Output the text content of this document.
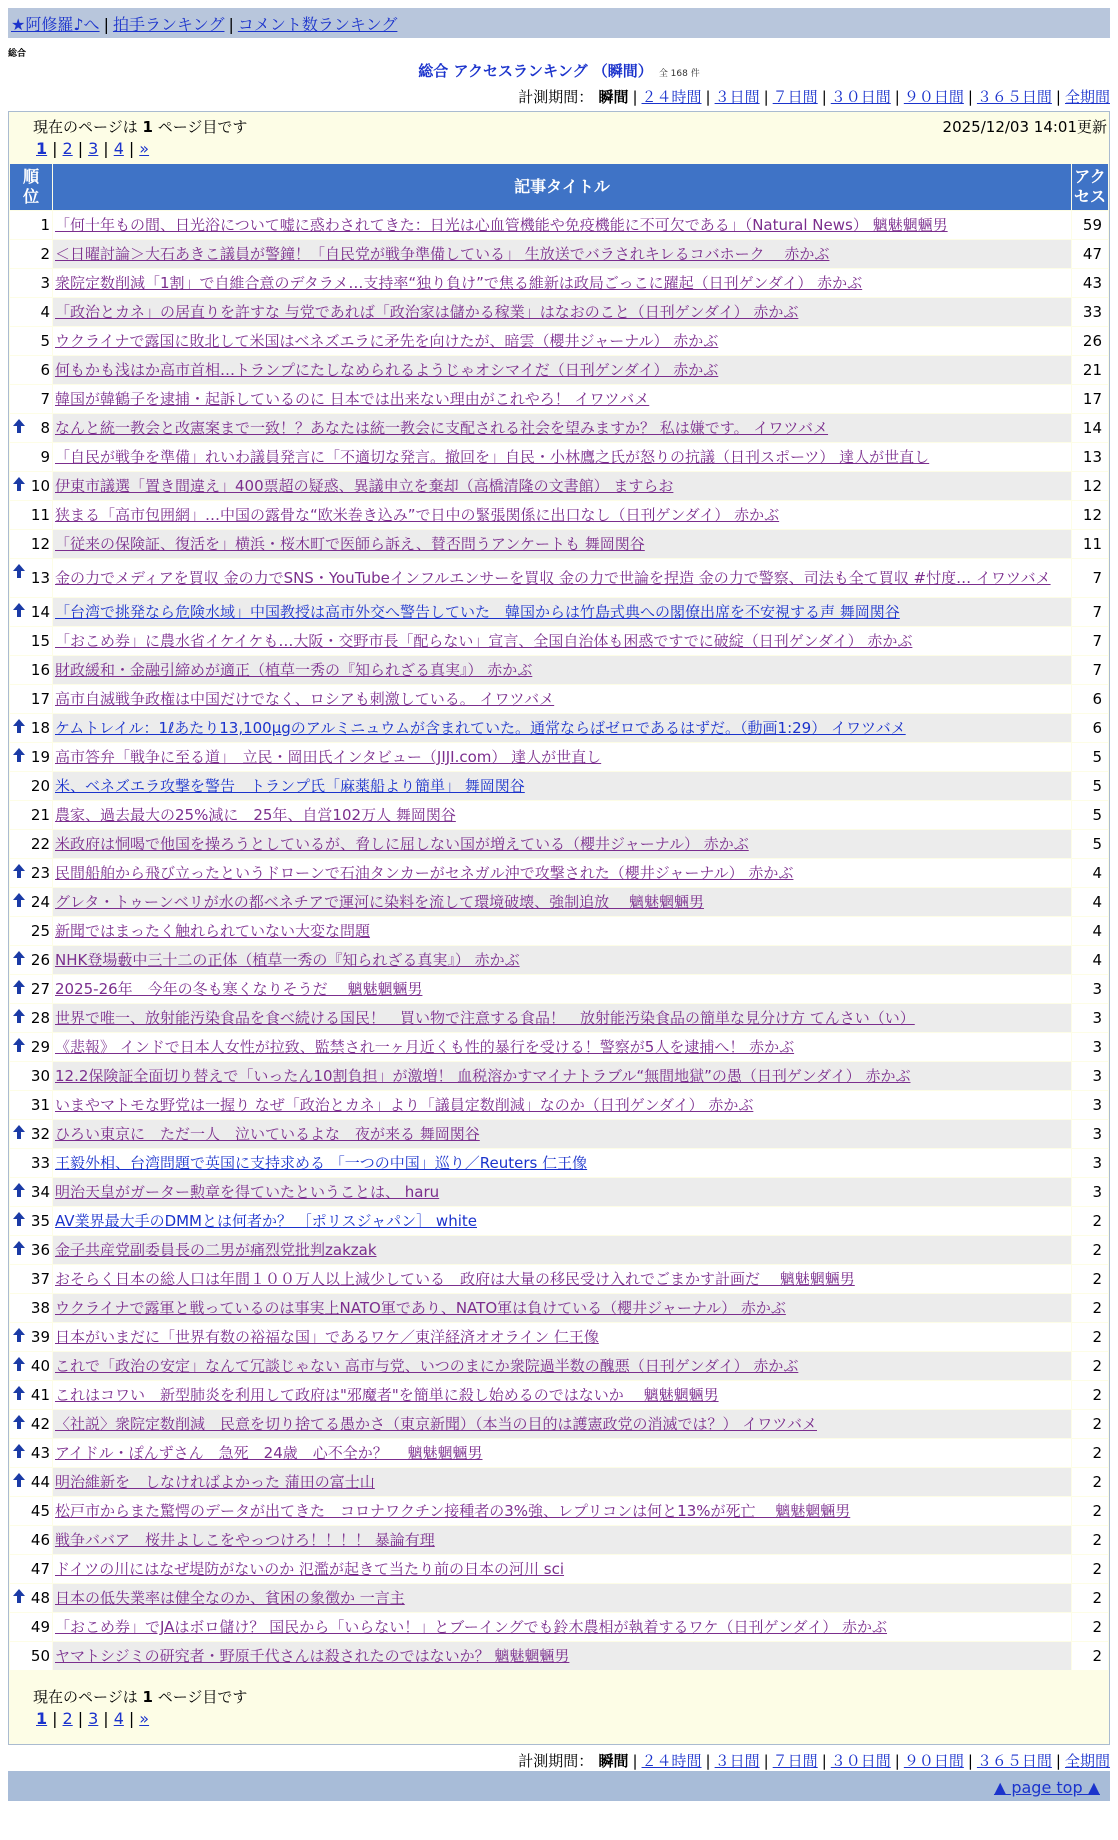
★阿修羅♪へ | 拍手ランキング | コメント数ランキング
総合
総合 アクセスランキング （瞬間） 全 168 件
計測期間： 瞬間 | ２４時間 | ３日間 | ７日間 | ３０日間 | ９０日間 | ３６５日間 | 全期間
現在のページは 1 ページ目です	2025/12/03 14:01更新
1 | 2 | 3 | 4 | »
順
位	記事タイトル	アク
セス
1	「何十年もの間、日光浴について嘘に惑わされてきた：日光は心血管機能や免疫機能に不可欠である」（Natural News） 魑魅魍魎男	59
2	＜日曜討論＞大石あきこ議員が警鐘！「自民党が戦争準備している」 生放送でバラされキレるコバホーク　 赤かぶ	47
3	衆院定数削減「1割」で自維合意のデタラメ…支持率“独り負け”で焦る維新は政局ごっこに躍起（日刊ゲンダイ） 赤かぶ	43
4	「政治とカネ」の居直りを許すな 与党であれば「政治家は儲かる稼業」はなおのこと（日刊ゲンダイ） 赤かぶ	33
5	ウクライナで露国に敗北して米国はベネズエラに矛先を向けたが、暗雲（櫻井ジャーナル） 赤かぶ	26
6	何もかも浅はか高市首相…トランプにたしなめられるようじゃオシマイだ（日刊ゲンダイ） 赤かぶ	21
7	韓国が韓鶴子を逮捕・起訴しているのに 日本では出来ない理由がこれやろ！ イワツバメ	17

8	なんと統一教会と改憲案まで一致！？あなたは統一教会に支配される社会を望みますか？ 私は嫌です。 イワツバメ	14
9	「自民が戦争を準備」れいわ議員発言に「不適切な発言。撤回を」自民・小林鷹之氏が怒りの抗議（日刊スポーツ） 達人が世直し	13

10	伊東市議選「置き間違え」400票超の疑惑、異議申立を棄却（高橋清隆の文書館） ますらお	12
11	狭まる「高市包囲網」…中国の露骨な“欧米巻き込み”で日中の緊張関係に出口なし（日刊ゲンダイ） 赤かぶ	12
12	「従来の保険証、復活を」横浜・桜木町で医師ら訴え、賛否問うアンケートも 舞岡関谷	11

13	金の力でメディアを買収 金の力でSNS・YouTubeインフルエンサーを買収 金の力で世論を捏造 金の力で警察、司法も全て買収 #忖度… イワツバメ	7

14	「台湾で挑発なら危険水域」中国教授は高市外交へ警告していた　韓国からは竹島式典への閣僚出席を不安視する声 舞岡関谷	7
15	「おこめ券」に農水省イケイケも…大阪・交野市長「配らない」宣言、全国自治体も困惑ですでに破綻（日刊ゲンダイ） 赤かぶ	7
16	財政緩和・金融引締めが適正（植草一秀の『知られざる真実』） 赤かぶ	7
17	高市自滅戦争政権は中国だけでなく、ロシアも刺激している。 イワツバメ	6

18	ケムトレイル：1ℓあたり13,100μgのアルミニュウムが含まれていた。通常ならばゼロであるはずだ。（動画1:29） イワツバメ	6

19	高市答弁「戦争に至る道」　立民・岡田氏インタビュー（JIJI.com） 達人が世直し	5
20	米、ベネズエラ攻撃を警告　トランプ氏「麻薬船より簡単」 舞岡関谷	5
21	農家、過去最大の25%減に　25年、自営102万人 舞岡関谷	5
22	米政府は恫喝で他国を操ろうとしているが、脅しに屈しない国が増えている（櫻井ジャーナル） 赤かぶ	5

23	民間船舶から飛び立ったというドローンで石油タンカーがセネガル沖で攻撃された（櫻井ジャーナル） 赤かぶ	4

24	グレタ・トゥーンベリが水の都ベネチアで運河に染料を流して環境破壊、強制追放　 魑魅魍魎男	4
25	新聞ではまったく触れられていない大変な問題	4

26	NHK登場藪中三十二の正体（植草一秀の『知られざる真実』） 赤かぶ	4

27	2025-26年　今年の冬も寒くなりそうだ　 魑魅魍魎男	3

28	世界で唯一、放射能汚染食品を食べ続ける国民！　買い物で注意する食品！　放射能汚染食品の簡単な見分け方 てんさい（い）	3

29	《悲報》 インドで日本人女性が拉致、監禁され一ヶ月近くも性的暴行を受ける！警察が5人を逮捕へ！ 赤かぶ	3
30	12.2保険証全面切り替えで「いったん10割負担」が激増！ 血税溶かすマイナトラブル“無間地獄”の愚（日刊ゲンダイ） 赤かぶ	3
31	いまやマトモな野党は一握り なぜ「政治とカネ」より「議員定数削減」なのか（日刊ゲンダイ） 赤かぶ	3

32	ひろい東京に　ただ一人　泣いているよな　夜が来る 舞岡関谷	3
33	王毅外相、台湾問題で英国に支持求める 「一つの中国」巡り／Reuters 仁王像	3

34	明治天皇がガーター勲章を得ていたということは、 haru	3

35	AV業界最大手のDMMとは何者か？ ［ポリスジャパン］ white	2

36	金子共産党副委員長の二男が痛烈党批判zakzak	2
37	おそらく日本の総人口は年間１００万人以上減少している　政府は大量の移民受け入れでごまかす計画だ　 魑魅魍魎男	2
38	ウクライナで露軍と戦っているのは事実上NATO軍であり、NATO軍は負けている（櫻井ジャーナル） 赤かぶ	2

39	日本がいまだに「世界有数の裕福な国」であるワケ／東洋経済オオライン 仁王像	2

40	これで「政治の安定」なんて冗談じゃない 高市与党、いつのまにか衆院過半数の醜悪（日刊ゲンダイ） 赤かぶ	2

41	これはコワい　新型肺炎を利用して政府は"邪魔者"を簡単に殺し始めるのではないか　 魑魅魍魎男	2

42	〈社説〉衆院定数削減　民意を切り捨てる愚かさ（東京新聞）（本当の目的は護憲政党の消滅では？） イワツバメ	2

43	アイドル・ぽんずさん　急死　24歳　心不全か？　 魑魅魍魎男	2

44	明治維新を　しなければよかった 蒲田の富士山	2
45	松戸市からまた驚愕のデータが出てきた　コロナワクチン接種者の3%強、レプリコンは何と13%が死亡　 魑魅魍魎男	2
46	戦争ババア　桜井よしこをやっつけろ！！！！ 暴論有理	2
47	ドイツの川にはなぜ堤防がないのか 氾濫が起きて当たり前の日本の河川 sci	2

48	日本の低失業率は健全なのか、貧困の象徴か 一言主	2
49	「おこめ券」でJAはボロ儲け？ 国民から「いらない！」とブーイングでも鈴木農相が執着するワケ（日刊ゲンダイ） 赤かぶ	2
50	ヤマトシジミの研究者・野原千代さんは殺されたのではないか？ 魑魅魍魎男	2
現在のページは 1 ページ目です
1 | 2 | 3 | 4 | »
計測期間： 瞬間 | ２４時間 | ３日間 | ７日間 | ３０日間 | ９０日間 | ３６５日間 | 全期間
▲ page top ▲
